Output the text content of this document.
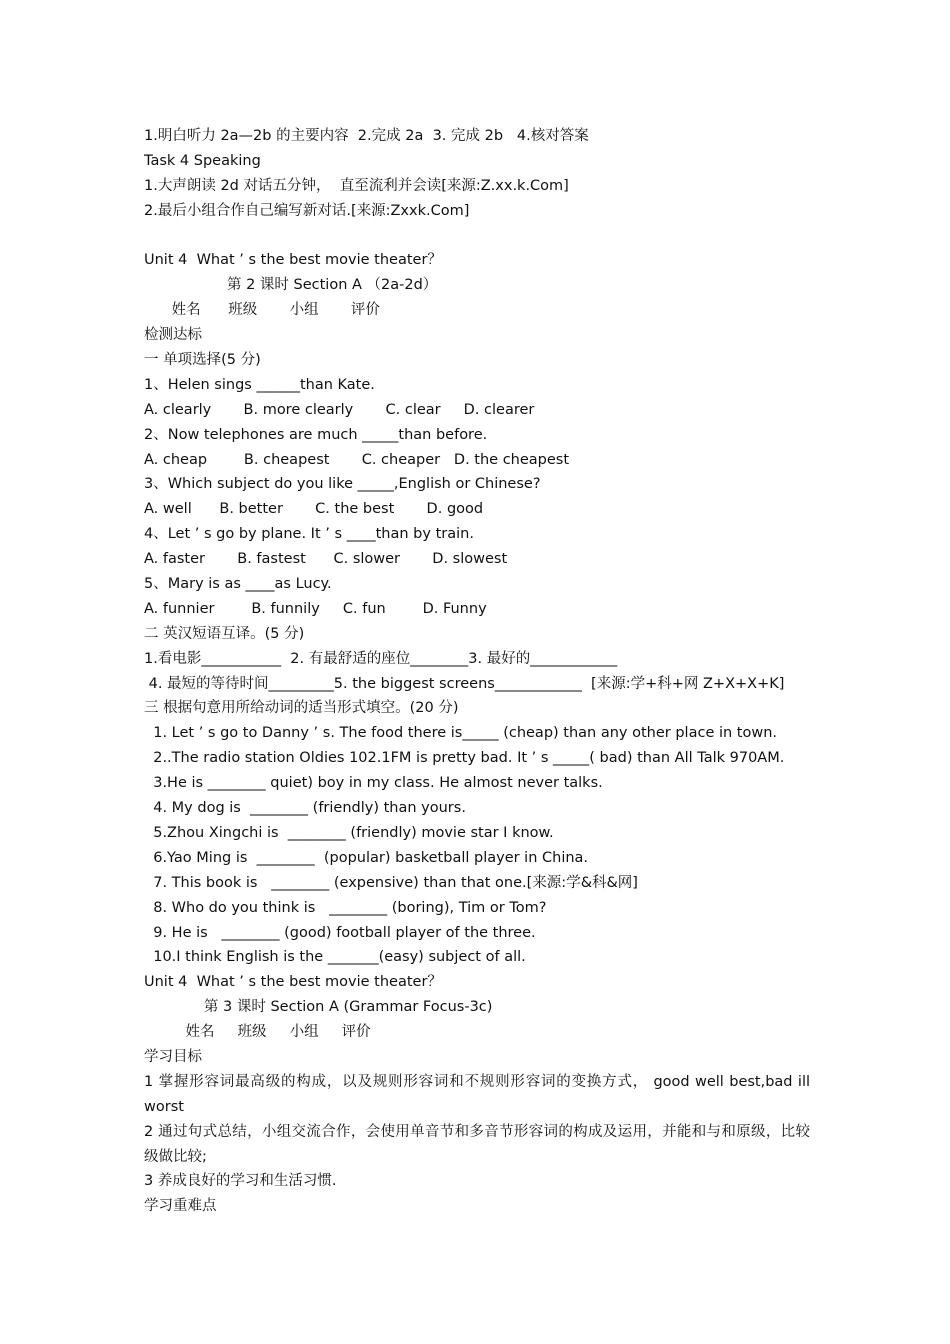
1.明白听力 2a—2b 的主要内容  2.完成 2a  3. 完成 2b   4.核对答案
Task 4 Speaking
1.大声朗读 2d 对话五分钟，  直至流利并会读[来源:Z.xx.k.Com]
2.最后小组合作自己编写新对话.[来源:Zxxk.Com]
Unit 4  What ’ s the best movie theater？
第 2 课时 Section A （2a-2d）
姓名      班级       小组       评价
检测达标
一 单项选择(5 分)
1、Helen sings ______than Kate.
A. clearly       B. more clearly       C. clear     D. clearer
2、Now telephones are much _____than before.
A. cheap        B. cheapest       C. cheaper   D. the cheapest
3、Which subject do you like _____,English or Chinese?
A. well      B. better       C. the best       D. good
4、Let ’ s go by plane. It ’ s ____than by train.
A. faster       B. fastest      C. slower       D. slowest
5、Mary is as ____as Lucy.
A. funnier        B. funnily     C. fun        D. Funny
二 英汉短语互译。(5 分)
1.看电影___________  2. 有最舒适的座位________3. 最好的____________
4. 最短的等待时间_________5. the biggest screens____________  [来源:学+科+网 Z+X+X+K]
三 根据句意用所给动词的适当形式填空。(20 分)
1. Let ’ s go to Danny ’ s. The food there is_____ (cheap) than any other place in town.
2..The radio station Oldies 102.1FM is pretty bad. It ’ s _____( bad) than All Talk 970AM.
3.He is ________ quiet) boy in my class. He almost never talks.
4. My dog is  ________ (friendly) than yours.
5.Zhou Xingchi is  ________ (friendly) movie star I know.
6.Yao Ming is  ________  (popular) basketball player in China.
7. This book is   ________ (expensive) than that one.[来源:学&科&网]
8. Who do you think is   ________ (boring), Tim or Tom?
9. He is   ________ (good) football player of the three.
10.I think English is the _______(easy) subject of all.
Unit 4  What ’ s the best movie theater？
第 3 课时 Section A (Grammar Focus-3c)
姓名     班级     小组     评价
学习目标
1 掌握形容词最高级的构成，以及规则形容词和不规则形容词的变换方式， good well best,bad ill worst
2 通过句式总结，小组交流合作，会使用单音节和多音节形容词的构成及运用，并能和与和原级，比较级做比较;
3 养成良好的学习和生活习惯.
学习重难点
